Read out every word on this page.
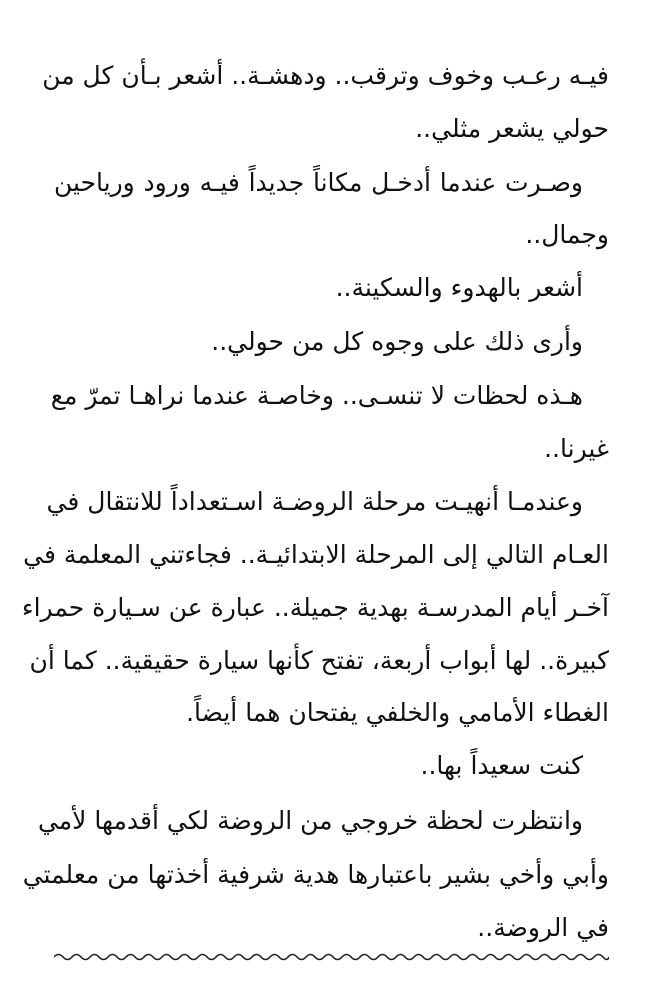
فيـه رعـب وخوف وترقب.. ودهشـة.. أشعر بـأن كل من
حولي يشعر مثلي..
وصـرت عندما أدخـل مكاناً جديداً فيـه ورود ورياحين
وجمال..
أشعر بالهدوء والسكينة..
وأرى ذلك على وجوه كل من حولي..
هـذه لحظات لا تنسـى.. وخاصـة عندما نراهـا تمرّ مع
غيرنا..
وعندمـا أنهيـت مرحلة الروضـة اسـتعداداً للانتقال في
العـام التالي إلى المرحلة الابتدائيـة.. فجاءتني المعلمة في
آخـر أيام المدرسـة بهدية جميلة.. عبارة عن سـيارة حمراء
كبيرة.. لها أبواب أربعة، تفتح كأنها سيارة حقيقية.. كما أن
الغطاء الأمامي والخلفي يفتحان هما أيضاً.
كنت سعيداً بها..
وانتظرت لحظة خروجي من الروضة لكي أقدمها لأمي
وأبي وأخي بشير باعتبارها هدية شرفية أخذتها من معلمتي
في الروضة..
